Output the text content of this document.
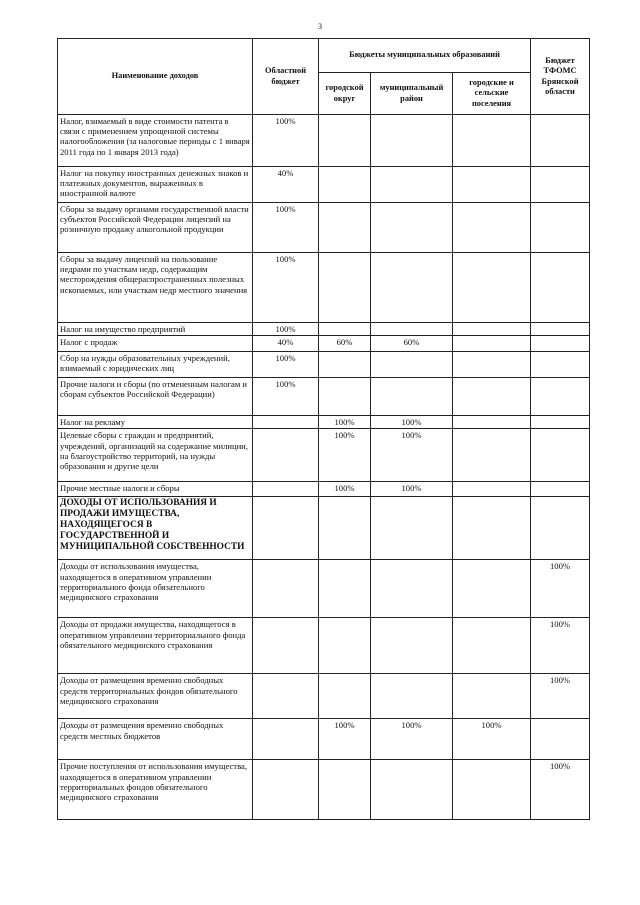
3
Наименование доходов	Областной бюджет	Бюджеты муниципальных образований			Бюджет ТФОМС Брянской области
		городской округ	муниципальный район	городские и сельские поселения	
Налог, взимаемый в виде стоимости патента в связи с применением упрощенной системы налогообложения (за налоговые периоды с 1 января 2011 года по 1 января 2013 года)	100%				
Налог на покупку иностранных денежных знаков и платежных документов, выраженных в иностранной валюте	40%				
Сборы за выдачу органами государственной власти субъектов Российской Федерации лицензий на розничную продажу алкогольной продукции	100%				
Сборы за выдачу лицензий на пользование недрами по участкам недр, содержащим месторождения общераспространенных полезных ископаемых, или участкам недр местного значения	100%				
Налог на имущество предприятий	100%				
Налог с продаж	40%	60%	60%		
Сбор на нужды образовательных учреждений, взимаемый с юридических лиц	100%				
Прочие налоги и сборы (по отмененным налогам и сборам субъектов Российской Федерации)	100%				
Налог на рекламу		100%	100%		
Целевые сборы с граждан и предприятий, учреждений, организаций на содержание милиции, на благоустройство территорий, на нужды образования и другие цели		100%	100%		
Прочие местные налоги и сборы		100%	100%		
ДОХОДЫ ОТ ИСПОЛЬЗОВАНИЯ И ПРОДАЖИ ИМУЩЕСТВА, НАХОДЯЩЕГОСЯ В ГОСУДАРСТВЕННОЙ И МУНИЦИПАЛЬНОЙ СОБСТВЕННОСТИ					
Доходы от использования имущества, находящегося в оперативном управлении территориального фонда обязательного медицинского страхования					100%
Доходы от продажи имущества, находящегося в оперативном управлении территориального фонда обязательного медицинского страхования					100%
Доходы от размещения временно свободных средств территориальных фондов обязательного медицинского страхования					100%
Доходы от размещения временно свободных средств местных бюджетов		100%	100%	100%	
Прочие поступления от использования имущества, находящегося в оперативном управлении территориальных фондов обязательного медицинского страхования					100%
